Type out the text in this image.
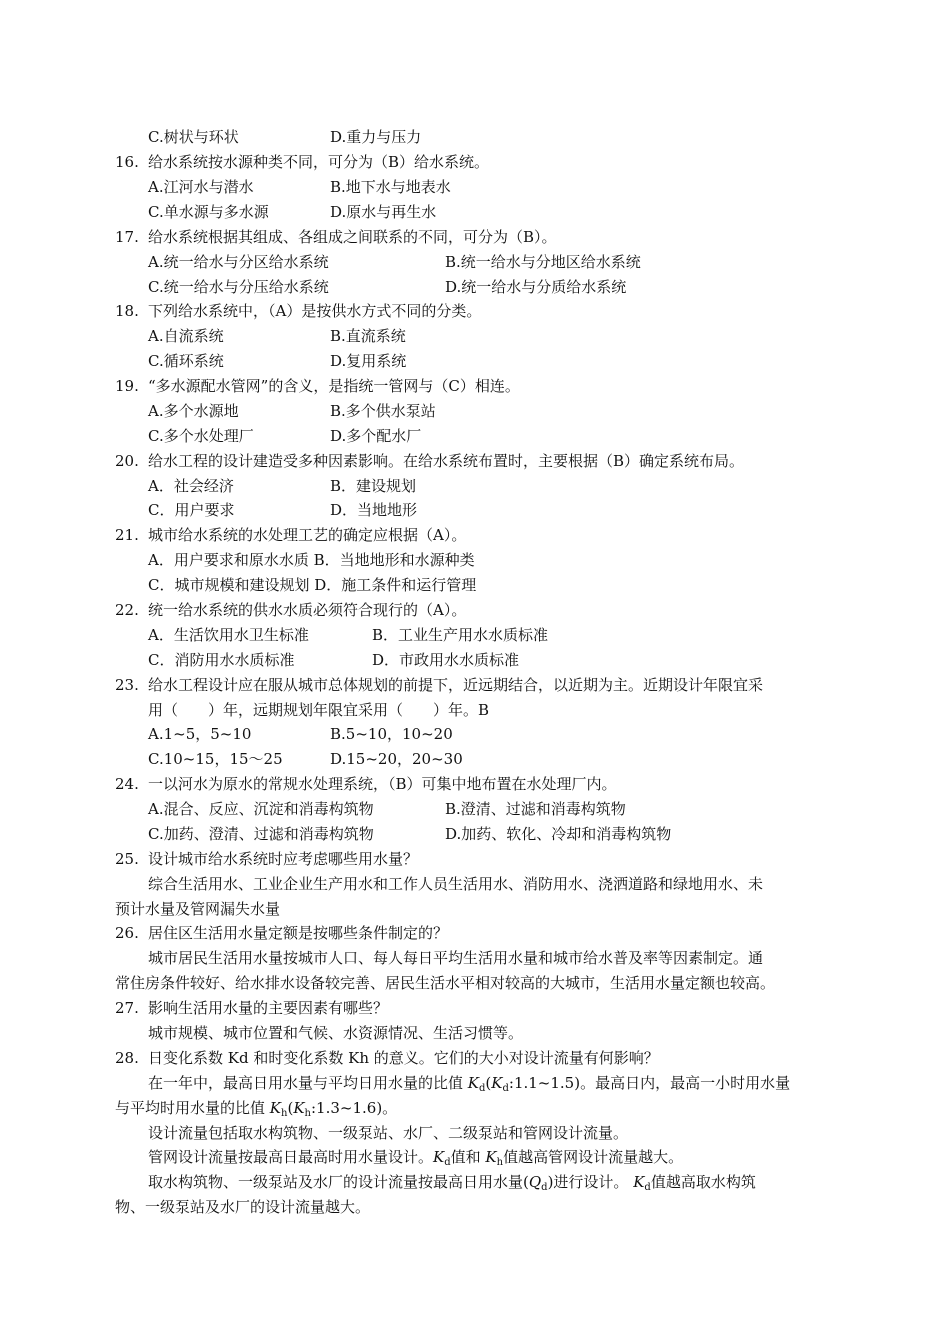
C.树状与环状	D.重力与压力
16. 给水系统按水源种类不同，可分为（B）给水系统。
A.江河水与潜水	B.地下水与地表水
C.单水源与多水源	D.原水与再生水
17. 给水系统根据其组成、各组成之间联系的不同，可分为（B）。
A.统一给水与分区给水系统	B.统一给水与分地区给水系统
C.统一给水与分压给水系统	D.统一给水与分质给水系统
18. 下列给水系统中，（A）是按供水方式不同的分类。
A.自流系统	B.直流系统
C.循环系统	D.复用系统
19. “多水源配水管网”的含义，是指统一管网与（C）相连。
A.多个水源地	B.多个供水泵站
C.多个水处理厂	D.多个配水厂
20. 给水工程的设计建造受多种因素影响。在给水系统布置时，主要根据（B）确定系统布局。
A．社会经济	B．建设规划
C．用户要求	D．当地地形
21. 城市给水系统的水处理工艺的确定应根据（A）。
A．用户要求和原水水质 B．当地地形和水源种类
C．城市规模和建设规划 D．施工条件和运行管理
22. 统一给水系统的供水水质必须符合现行的（A）。
A．生活饮用水卫生标准	B．工业生产用水水质标准
C．消防用水水质标准	D．市政用水水质标准
23. 给水工程设计应在服从城市总体规划的前提下，近远期结合，以近期为主。近期设计年限宜采
用（　　）年，远期规划年限宜采用（　　）年。B
A.1~5，5~10	B.5~10，10~20
C.10~15，15～25	D.15~20，20~30
24. 一以河水为原水的常规水处理系统，（B）可集中地布置在水处理厂内。
A.混合、反应、沉淀和消毒构筑物	B.澄清、过滤和消毒构筑物
C.加药、澄清、过滤和消毒构筑物	D.加药、软化、冷却和消毒构筑物
25. 设计城市给水系统时应考虑哪些用水量？
综合生活用水、工业企业生产用水和工作人员生活用水、消防用水、浇洒道路和绿地用水、未
预计水量及管网漏失水量
26. 居住区生活用水量定额是按哪些条件制定的？
城市居民生活用水量按城市人口、每人每日平均生活用水量和城市给水普及率等因素制定。通
常住房条件较好、给水排水设备较完善、居民生活水平相对较高的大城市，生活用水量定额也较高。
27. 影响生活用水量的主要因素有哪些？
城市规模、城市位置和气候、水资源情况、生活习惯等。
28. 日变化系数 Kd 和时变化系数 Kh 的意义。它们的大小对设计流量有何影响？
在一年中，最高日用水量与平均日用水量的比值 $K_d(K_d:1.1\sim 1.5)$。最高日内，最高一小时用水量
与平均时用水量的比值 $K_h(K_h:1.3\sim 1.6)$。
设计流量包括取水构筑物、一级泵站、水厂、二级泵站和管网设计流量。
管网设计流量按最高日最高时用水量设计。$K_d$值和 $K_h$值越高管网设计流量越大。
取水构筑物、一级泵站及水厂的设计流量按最高日用水量$(Q_d)$进行设计。 $K_d$值越高取水构筑
物、一级泵站及水厂的设计流量越大。
